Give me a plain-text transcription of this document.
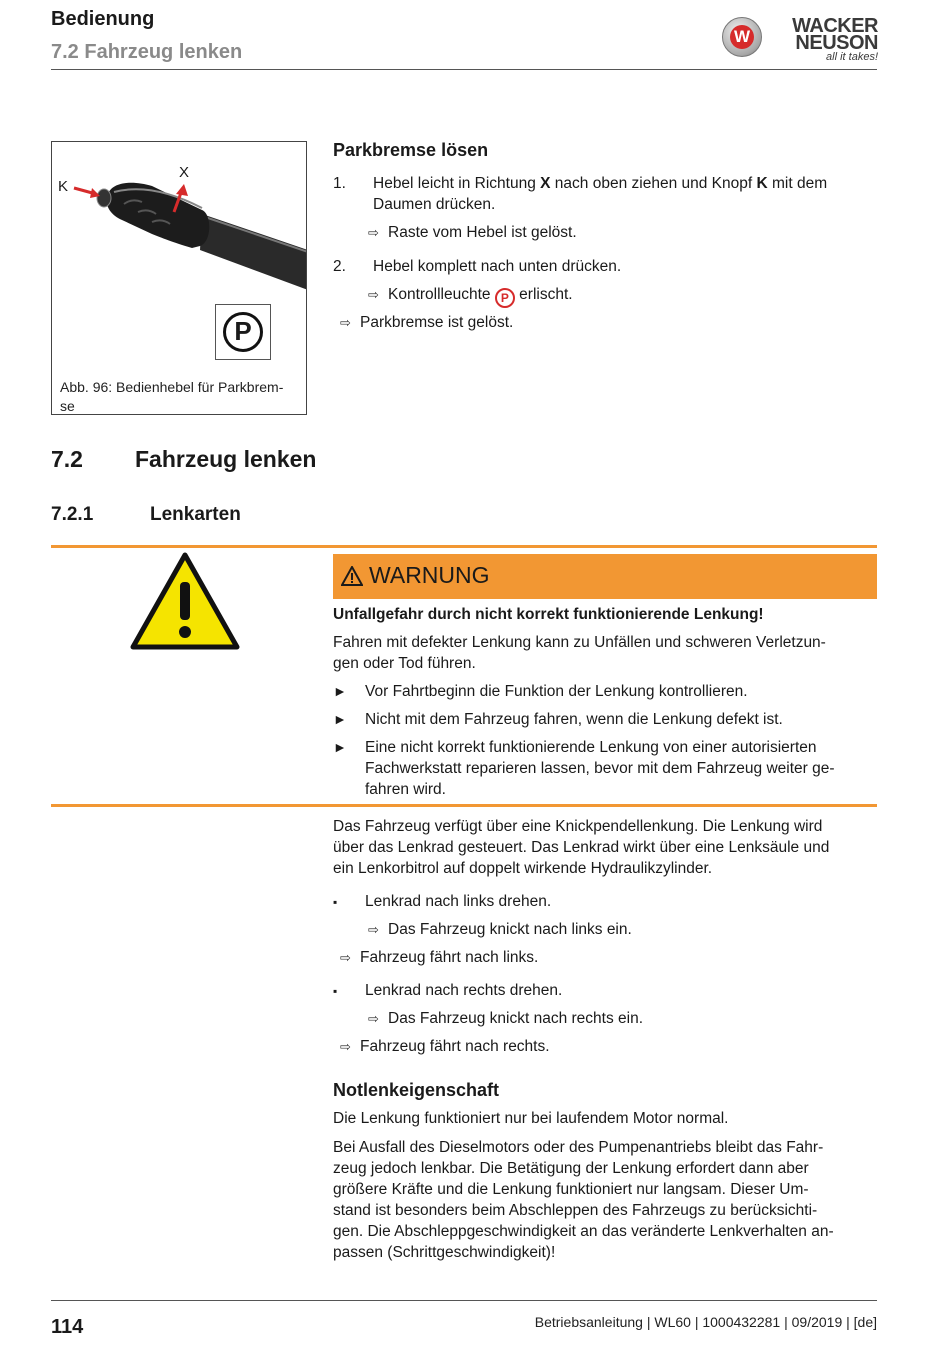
Bedienung
7.2 Fahrzeug lenken
W	WACKER
NEUSON
all it takes!
K
X
P
Abb. 96: Bedienhebel für Parkbrem-
se
Parkbremse lösen
1.	Hebel leicht in Richtung X nach oben ziehen und Knopf K mit dem
Daumen drücken.
⇨ Raste vom Hebel ist gelöst.
2.	Hebel komplett nach unten drücken.
⇨ Kontrollleuchte P erlischt.
⇨ Parkbremse ist gelöst.
7.2 Fahrzeug lenken
7.2.1	Lenkarten
WARNUNG
Unfallgefahr durch nicht korrekt funktionierende Lenkung!
Fahren mit defekter Lenkung kann zu Unfällen und schweren Verletzun-
gen oder Tod führen.
►	Vor Fahrtbeginn die Funktion der Lenkung kontrollieren.
►	Nicht mit dem Fahrzeug fahren, wenn die Lenkung defekt ist.
►	Eine nicht korrekt funktionierende Lenkung von einer autorisierten
Fachwerkstatt reparieren lassen, bevor mit dem Fahrzeug weiter ge-
fahren wird.
Das Fahrzeug verfügt über eine Knickpendellenkung. Die Lenkung wird
über das Lenkrad gesteuert. Das Lenkrad wirkt über eine Lenksäule und
ein Lenkorbitrol auf doppelt wirkende Hydraulikzylinder.
▪ Lenkrad nach links drehen.
⇨ Das Fahrzeug knickt nach links ein.
⇨ Fahrzeug fährt nach links.
▪ Lenkrad nach rechts drehen.
⇨ Das Fahrzeug knickt nach rechts ein.
⇨ Fahrzeug fährt nach rechts.
Notlenkeigenschaft
Die Lenkung funktioniert nur bei laufendem Motor normal.
Bei Ausfall des Dieselmotors oder des Pumpenantriebs bleibt das Fahr-
zeug jedoch lenkbar. Die Betätigung der Lenkung erfordert dann aber
größere Kräfte und die Lenkung funktioniert nur langsam. Dieser Um-
stand ist besonders beim Abschleppen des Fahrzeugs zu berücksichti-
gen. Die Abschleppgeschwindigkeit an das veränderte Lenkverhalten an-
passen (Schrittgeschwindigkeit)!
114	Betriebsanleitung | WL60 | 1000432281 | 09/2019 | [de]
